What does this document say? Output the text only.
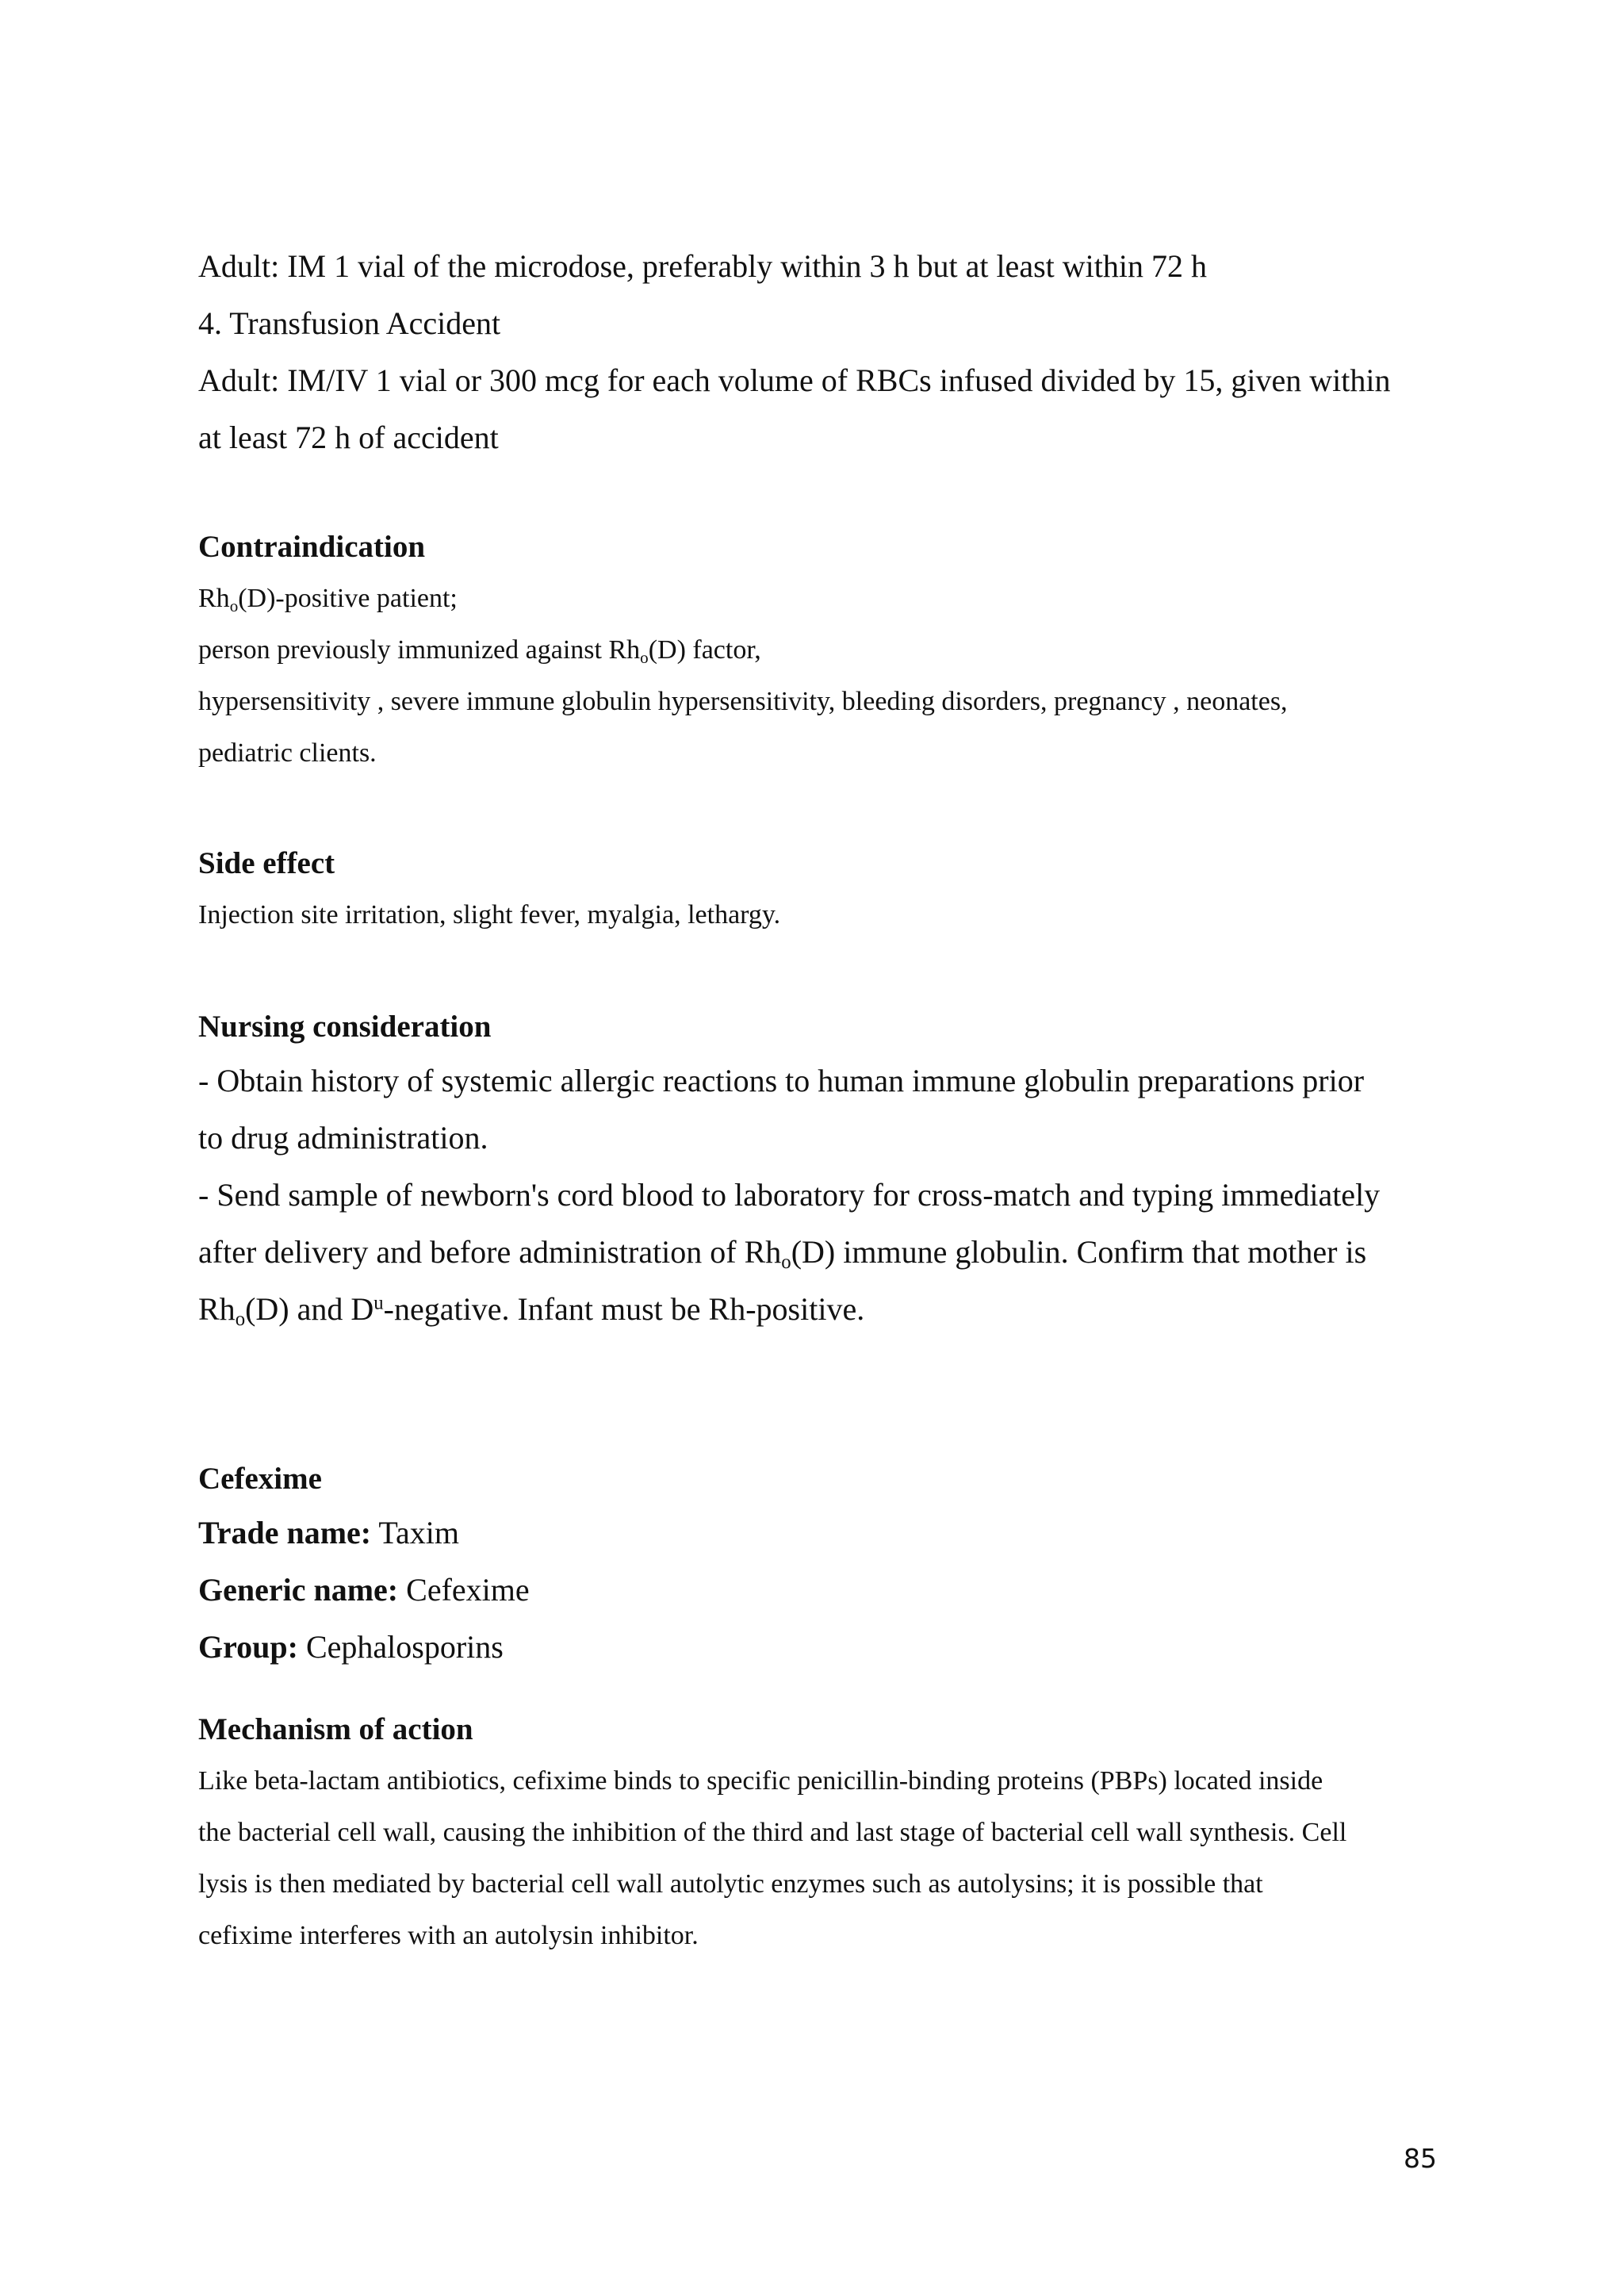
Adult: IM 1 vial of the microdose, preferably within 3 h but at least within 72 h

4. Transfusion Accident

Adult: IM/IV 1 vial or 300 mcg for each volume of RBCs infused divided by 15, given within

at least 72 h of accident

Contraindication

$Rh_o(D)$-positive patient;

person previously immunized against $Rh_o(D)$ factor,

hypersensitivity , severe immune globulin hypersensitivity, bleeding disorders, pregnancy , neonates,

pediatric clients.

Side effect

Injection site irritation, slight fever, myalgia, lethargy.

Nursing consideration

- Obtain history of systemic allergic reactions to human immune globulin preparations prior

to drug administration.

- Send sample of newborn's cord blood to laboratory for cross-match and typing immediately

after delivery and before administration of $Rh_o(D)$ immune globulin. Confirm that mother is

$Rh_o(D)$ and $D^u$-negative. Infant must be Rh-positive.

Cefexime

Trade name: Taxim

Generic name: Cefexime

Group: Cephalosporins

Mechanism of action

Like beta-lactam antibiotics, cefixime binds to specific penicillin-binding proteins (PBPs) located inside

the bacterial cell wall, causing the inhibition of the third and last stage of bacterial cell wall synthesis. Cell

lysis is then mediated by bacterial cell wall autolytic enzymes such as autolysins; it is possible that

cefixime interferes with an autolysin inhibitor.

85
